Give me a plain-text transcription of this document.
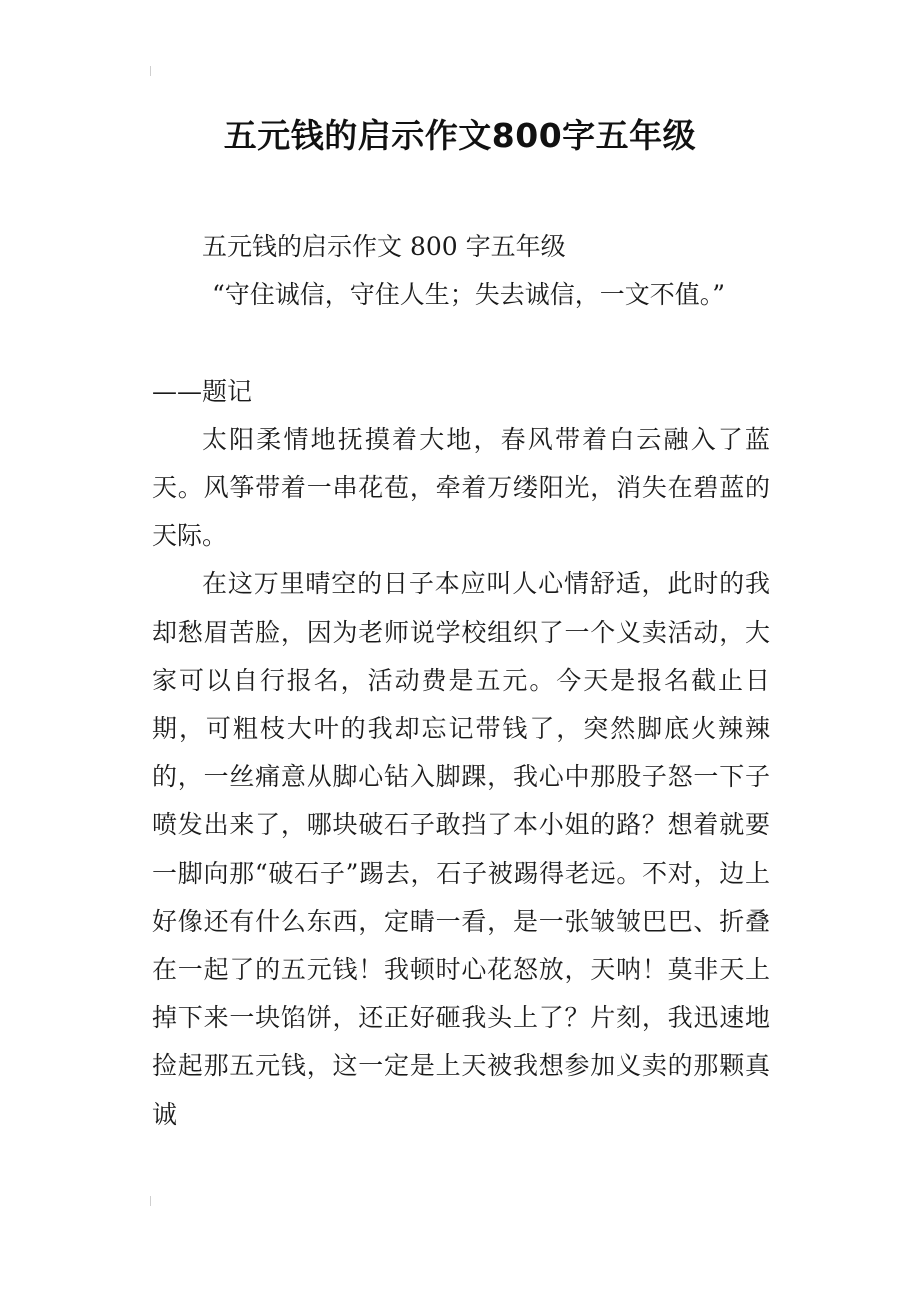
五元钱的启示作文800字五年级

五元钱的启示作文 800 字五年级

“守住诚信，守住人生；失去诚信，一文不值。”

——题记

太阳柔情地抚摸着大地，春风带着白云融入了蓝天。风筝带着一串花苞，牵着万缕阳光，消失在碧蓝的天际。

在这万里晴空的日子本应叫人心情舒适，此时的我却愁眉苦脸，因为老师说学校组织了一个义卖活动，大家可以自行报名，活动费是五元。今天是报名截止日期，可粗枝大叶的我却忘记带钱了，突然脚底火辣辣的，一丝痛意从脚心钻入脚踝，我心中那股子怒一下子喷发出来了，哪块破石子敢挡了本小姐的路？想着就要一脚向那“破石子”踢去，石子被踢得老远。不对，边上好像还有什么东西，定睛一看，是一张皱皱巴巴、折叠在一起了的五元钱！我顿时心花怒放，天呐！莫非天上掉下来一块馅饼，还正好砸我头上了？片刻，我迅速地捡起那五元钱，这一定是上天被我想参加义卖的那颗真诚
